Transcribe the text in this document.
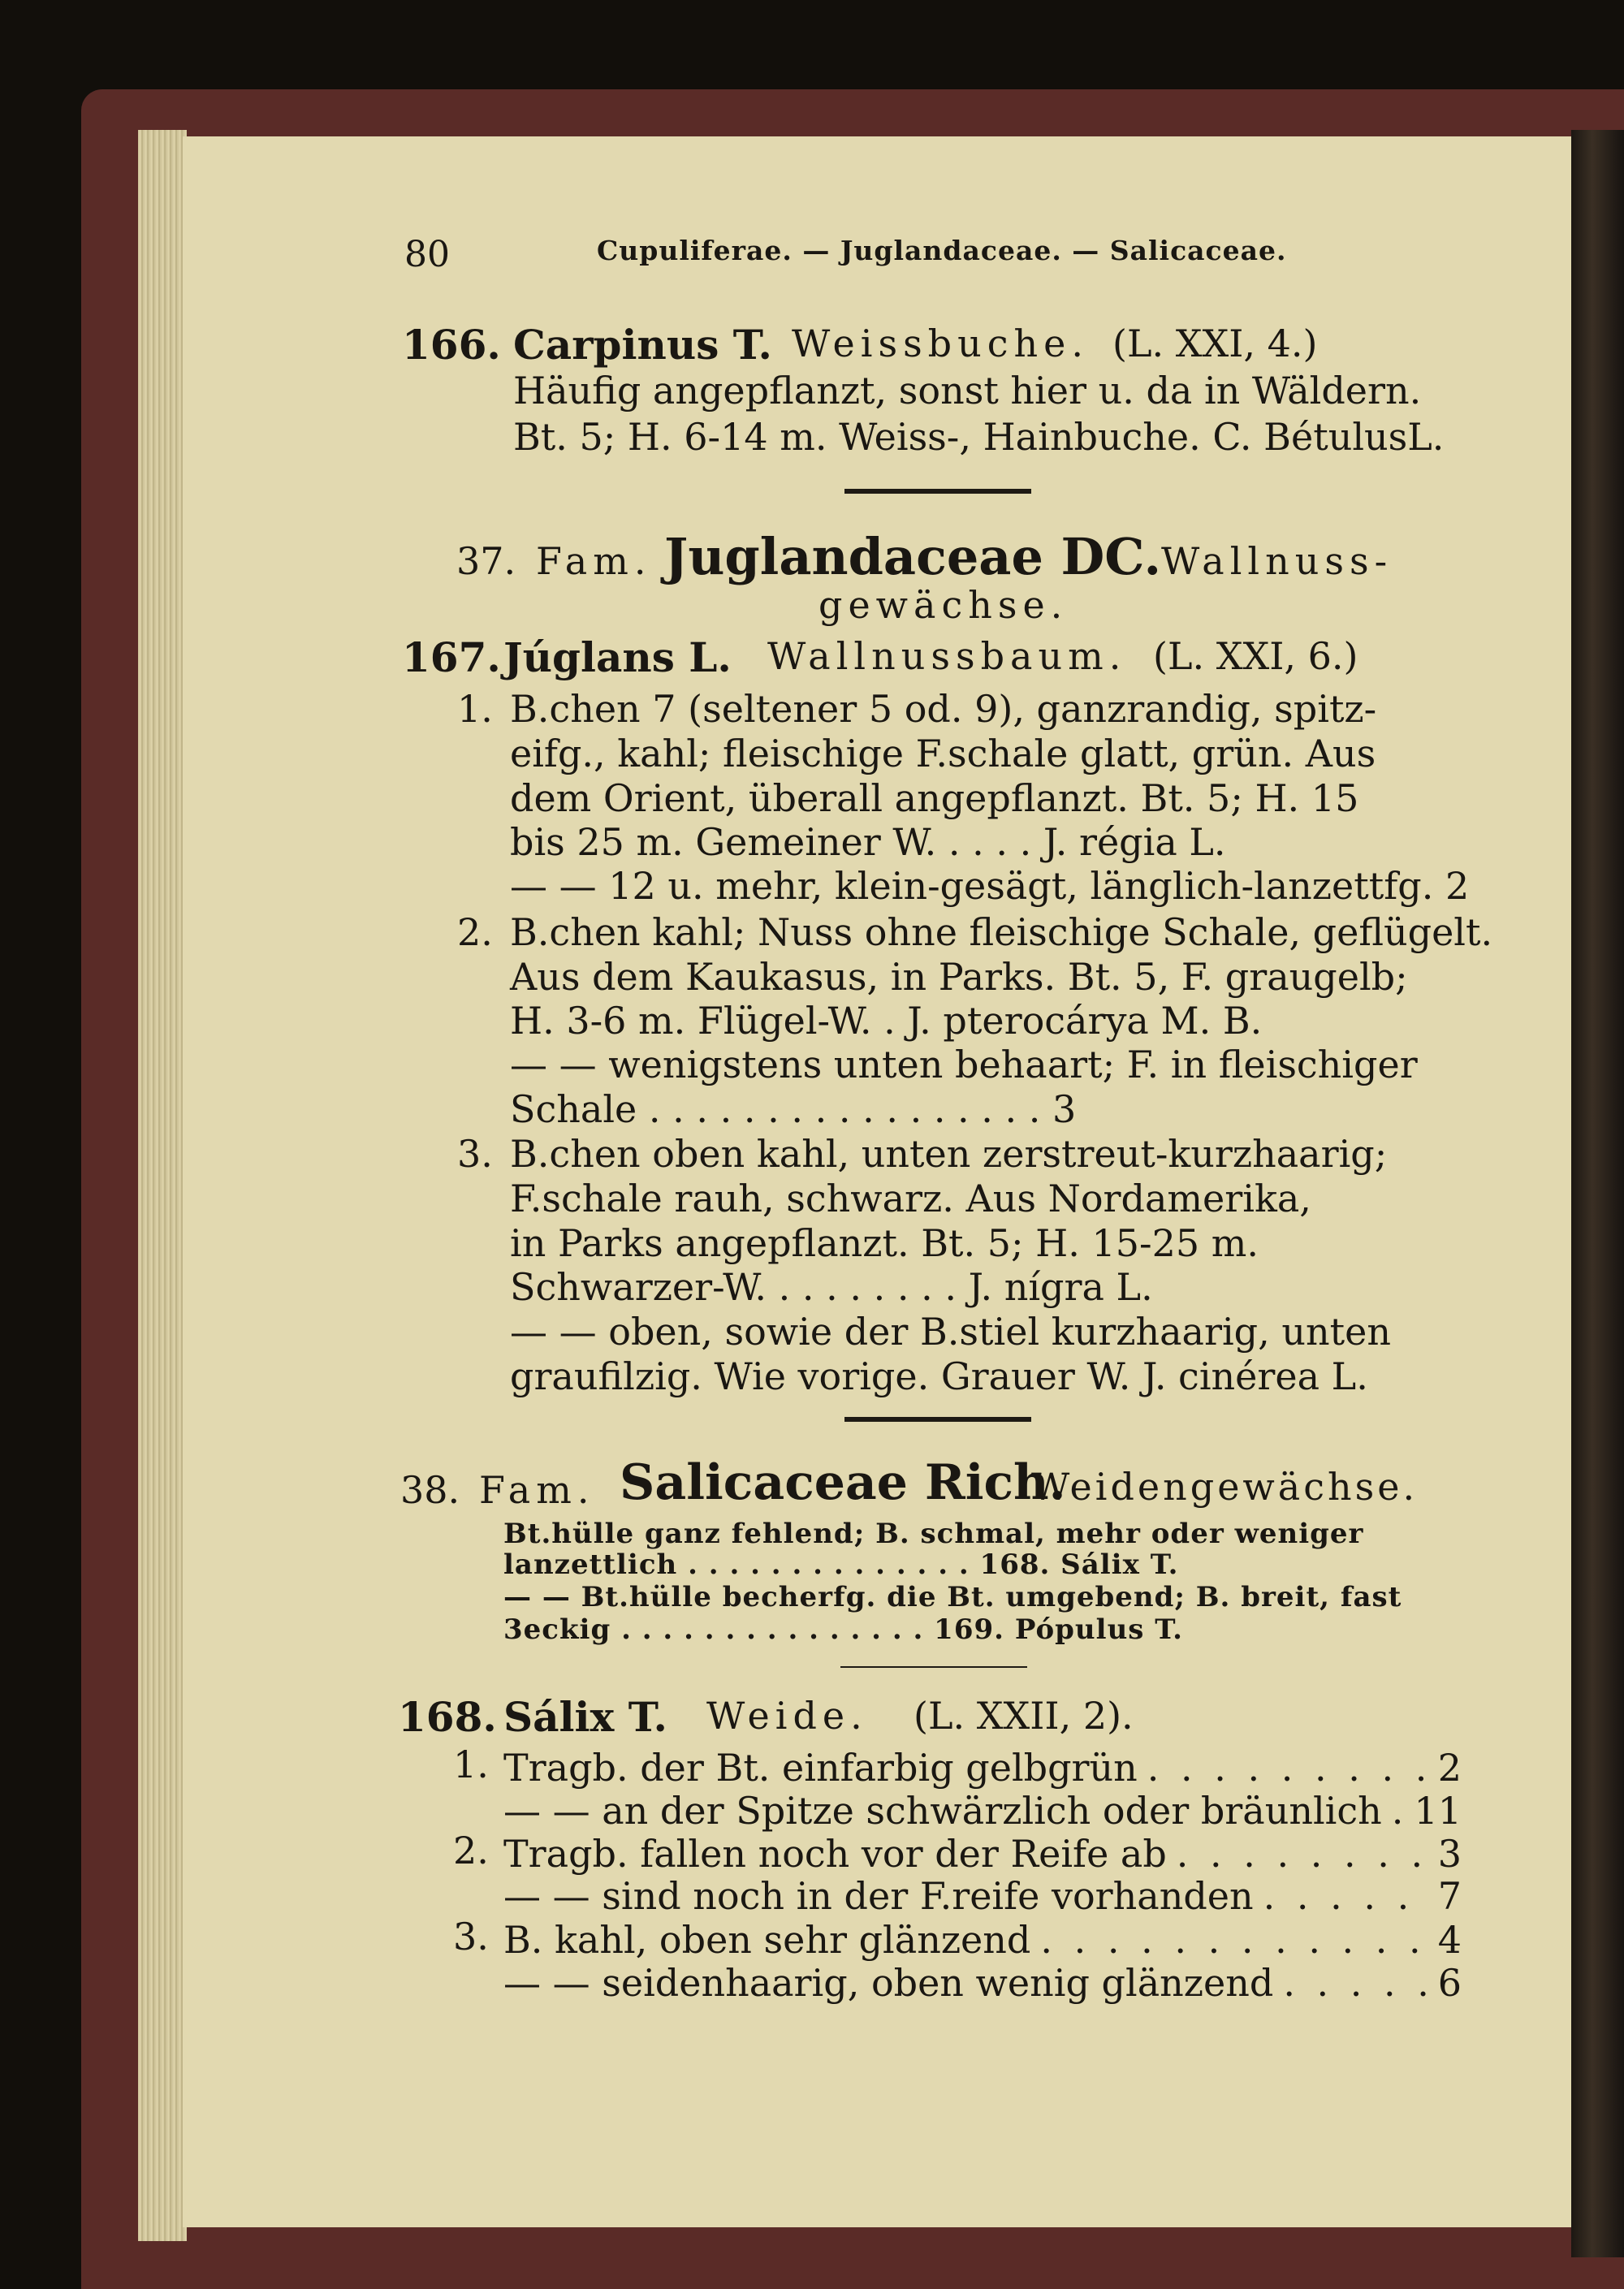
80	Cupuliferae. — Juglandaceae. — Salicaceae.
166. Carpinus T. Weissbuche. (L. XXI, 4.)
Häufig angepflanzt, sonst hier u. da in Wäldern.
Bt. 5; H. 6-14 m. Weiss-, Hainbuche. C. BétulusL.
37. Fam. Juglandaceae DC. Wallnuss-
gewächse.
167. Júglans L. Wallnussbaum. (L. XXI, 6.)
1. B.chen 7 (seltener 5 od. 9), ganzrandig, spitz-
eifg., kahl; fleischige F.schale glatt, grün. Aus
dem Orient, überall angepflanzt. Bt. 5; H. 15
bis 25 m. Gemeiner W. . . . . J. régia L.
— — 12 u. mehr, klein-gesägt, länglich-lanzettfg. 2
2. B.chen kahl; Nuss ohne fleischige Schale, geflügelt.
Aus dem Kaukasus, in Parks. Bt. 5, F. graugelb;
H. 3-6 m. Flügel-W. . J. pterocárya M. B.
— — wenigstens unten behaart; F. in fleischiger
Schale . . . . . . . . . . . . . . . . . 3
3. B.chen oben kahl, unten zerstreut-kurzhaarig;
F.schale rauh, schwarz. Aus Nordamerika,
in Parks angepflanzt. Bt. 5; H. 15-25 m.
Schwarzer-W. . . . . . . . . J. nígra L.
— — oben, sowie der B.stiel kurzhaarig, unten
graufilzig. Wie vorige. Grauer W. J. cinérea L.
38. Fam. Salicaceae Rich.
Weidengewächse.
Bt.hülle ganz fehlend; B. schmal, mehr oder weniger
lanzettlich . . . . . . . . . . . . . . 168. Sálix T.
— — Bt.hülle becherfg. die Bt. umgebend; B. breit, fast
3eckig . . . . . . . . . . . . . . . 169. Pópulus T.
168. Sálix T. Weide. (L. XXII, 2).
1. Tragb. der Bt. einfarbig gelbgrün . . .	2
— — an der Spitze schwärzlich oder bräunlich . . . 11
2. Tragb. fallen noch vor der Reife ab . . .	3
— — sind noch in der F.reife vorhanden . . .	7
3. B. kahl, oben sehr glänzend . . .	4
— — seidenhaarig, oben wenig glänzend . . .	6
